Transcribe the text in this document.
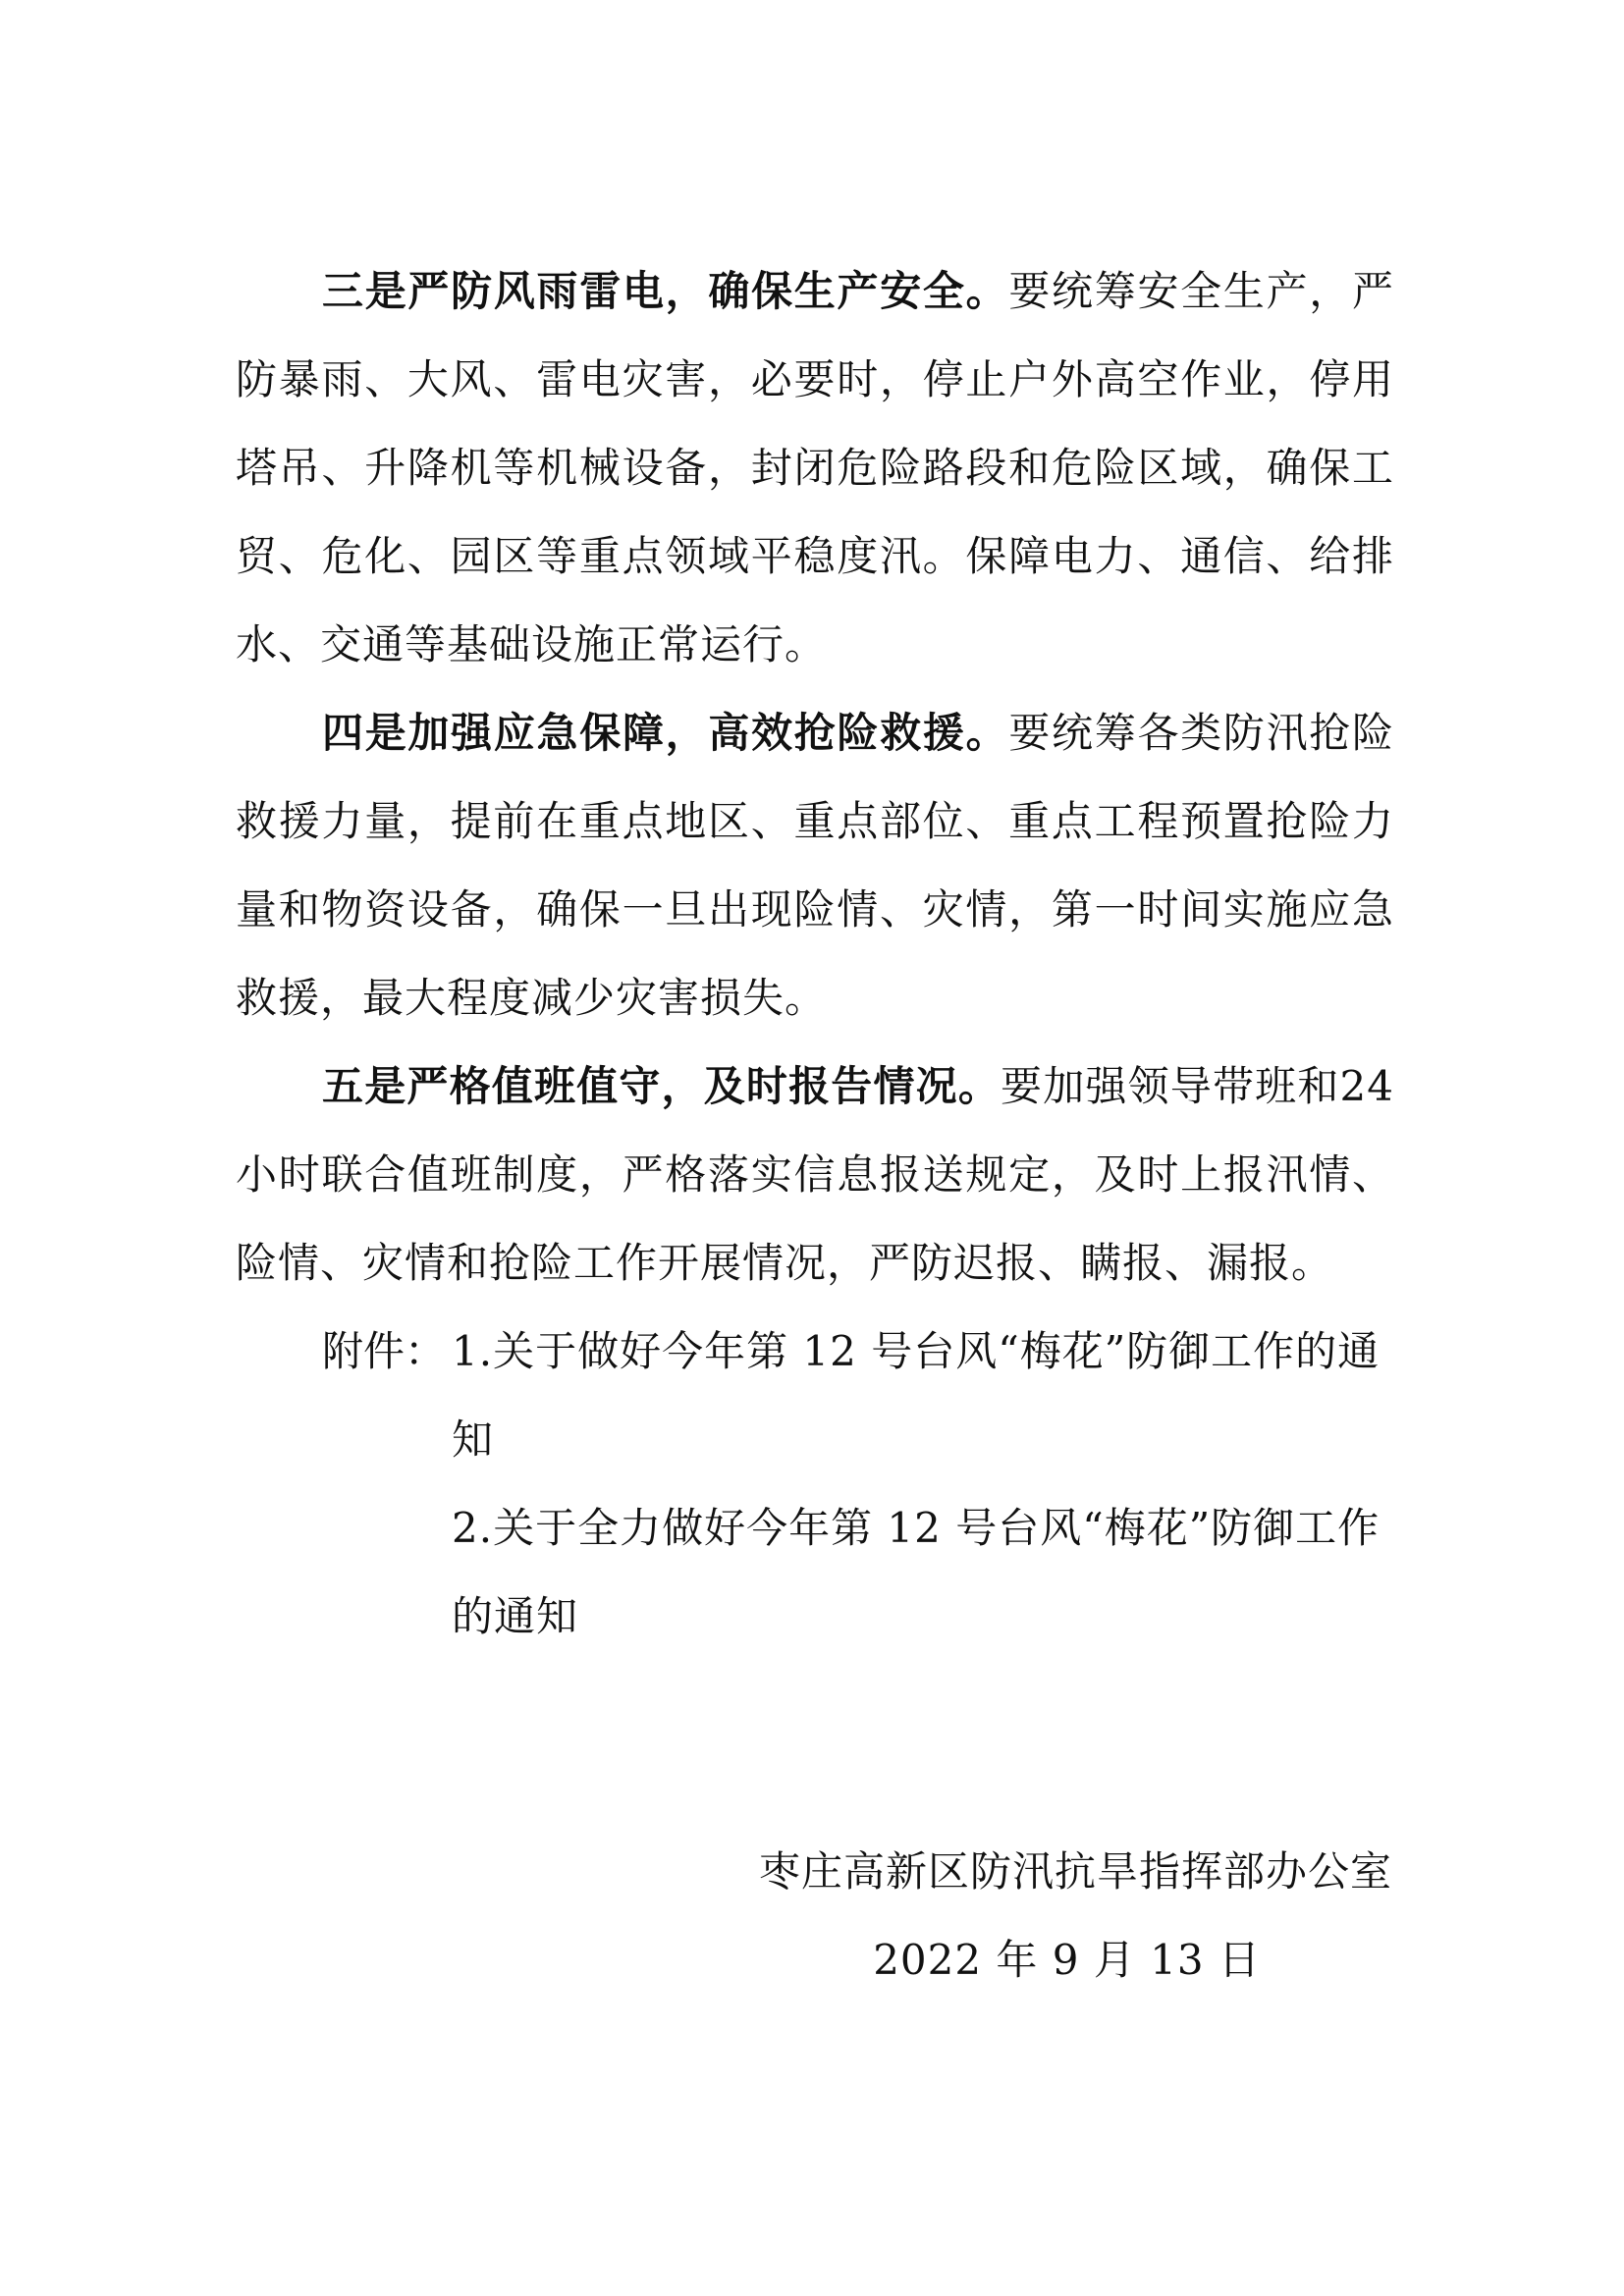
三是严防风雨雷电，确保生产安全。要统筹安全生产，严防暴雨、大风、雷电灾害，必要时，停止户外高空作业，停用塔吊、升降机等机械设备，封闭危险路段和危险区域，确保工贸、危化、园区等重点领域平稳度汛。保障电力、通信、给排水、交通等基础设施正常运行。

四是加强应急保障，高效抢险救援。要统筹各类防汛抢险救援力量，提前在重点地区、重点部位、重点工程预置抢险力量和物资设备，确保一旦出现险情、灾情，第一时间实施应急救援，最大程度减少灾害损失。

五是严格值班值守，及时报告情况。要加强领导带班和24 小时联合值班制度，严格落实信息报送规定，及时上报汛情、险情、灾情和抢险工作开展情况，严防迟报、瞒报、漏报。

附件： 1.关于做好今年第 12 号台风“梅花”防御工作的通知

2.关于全力做好今年第 12 号台风“梅花”防御工作的通知

枣庄高新区防汛抗旱指挥部办公室
2022 年 9 月 13 日
